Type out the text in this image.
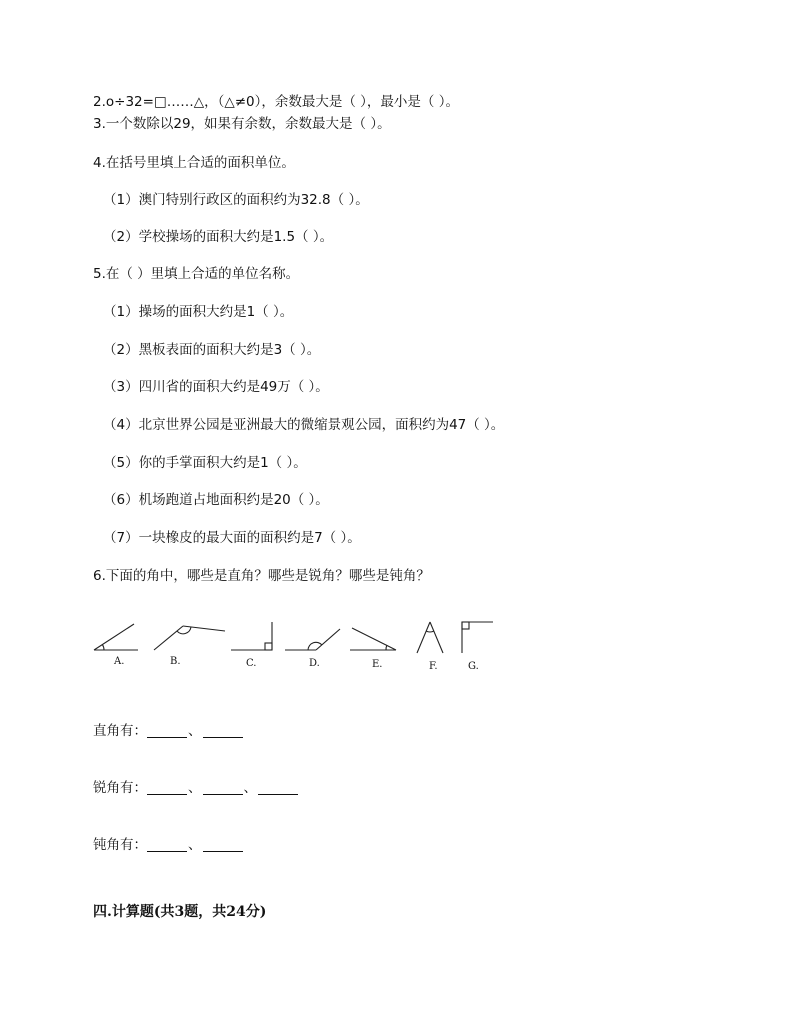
2.ο÷32=□……△，（△≠0），余数最大是（ ），最小是（ ）。
3.一个数除以29，如果有余数，余数最大是（ ）。
4.在括号里填上合适的面积单位。
（1）澳门特别行政区的面积约为32.8（ ）。
（2）学校操场的面积大约是1.5（ ）。
5.在（ ）里填上合适的单位名称。
（1）操场的面积大约是1（ ）。
（2）黑板表面的面积大约是3（ ）。
（3）四川省的面积大约是49万（ ）。
（4）北京世界公园是亚洲最大的微缩景观公园，面积约为47（ ）。
（5）你的手掌面积大约是1（ ）。
（6）机场跑道占地面积约是20（ ）。
（7）一块橡皮的最大面的面积约是7（ ）。
6.下面的角中，哪些是直角？哪些是锐角？哪些是钝角？
A.	B.	C.	D.	E.	F.	G.
直角有：	、
锐角有：	、	、
钝角有：	、
四.计算题(共3题，共24分)
